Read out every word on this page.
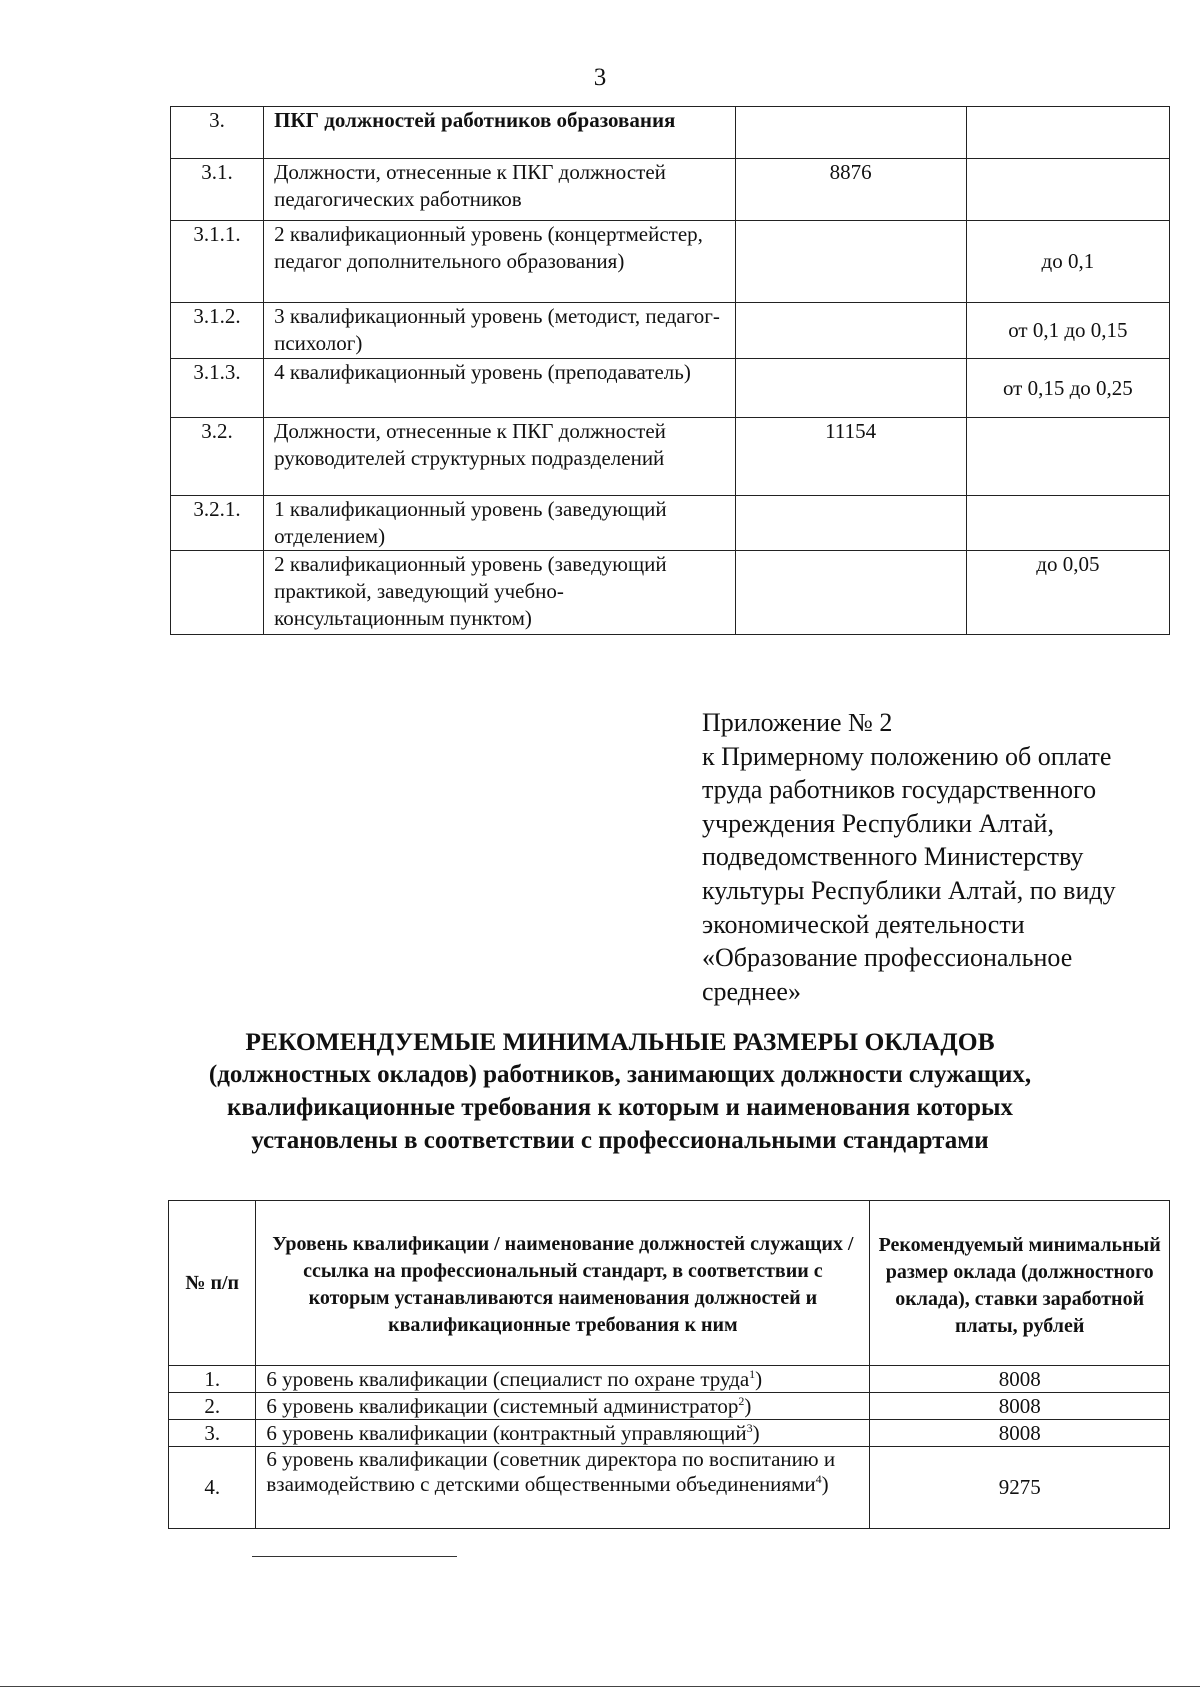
3
3.	ПКГ должностей работников образования		
3.1.	Должности, отнесенные к ПКГ должностей педагогических работников	8876	
3.1.1.	2 квалификационный уровень (концертмейстер, педагог дополнительного образования)		до 0,1
3.1.2.	3 квалификационный уровень (методист, педагог-психолог)		от 0,1 до 0,15
3.1.3.	4 квалификационный уровень (преподаватель)		от 0,15 до 0,25
3.2.	Должности, отнесенные к ПКГ должностей руководителей структурных подразделений	11154	
3.2.1.	1 квалификационный уровень (заведующий отделением)		
	2 квалификационный уровень (заведующий практикой, заведующий учебно-консультационным пунктом)		до 0,05
Приложение № 2
к Примерному положению об оплате
труда работников государственного
учреждения Республики Алтай,
подведомственного Министерству
культуры Республики Алтай, по виду
экономической деятельности
«Образование профессиональное
среднее»
РЕКОМЕНДУЕМЫЕ МИНИМАЛЬНЫЕ РАЗМЕРЫ ОКЛАДОВ
(должностных окладов) работников, занимающих должности служащих,
квалификационные требования к которым и наименования которых
установлены в соответствии с профессиональными стандартами
№ п/п	Уровень квалификации / наименование должностей служащих / ссылка на профессиональный стандарт, в соответствии с которым устанавливаются наименования должностей и квалификационные требования к ним	Рекомендуемый минимальный размер оклада (должностного оклада), ставки заработной платы, рублей
1.	6 уровень квалификации (специалист по охране труда$^1$)	8008
2.	6 уровень квалификации (системный администратор$^2$)	8008
3.	6 уровень квалификации (контрактный управляющий$^3$)	8008
4.	6 уровень квалификации (советник директора по воспитанию и взаимодействию с детскими общественными объединениями$^4$)	9275
